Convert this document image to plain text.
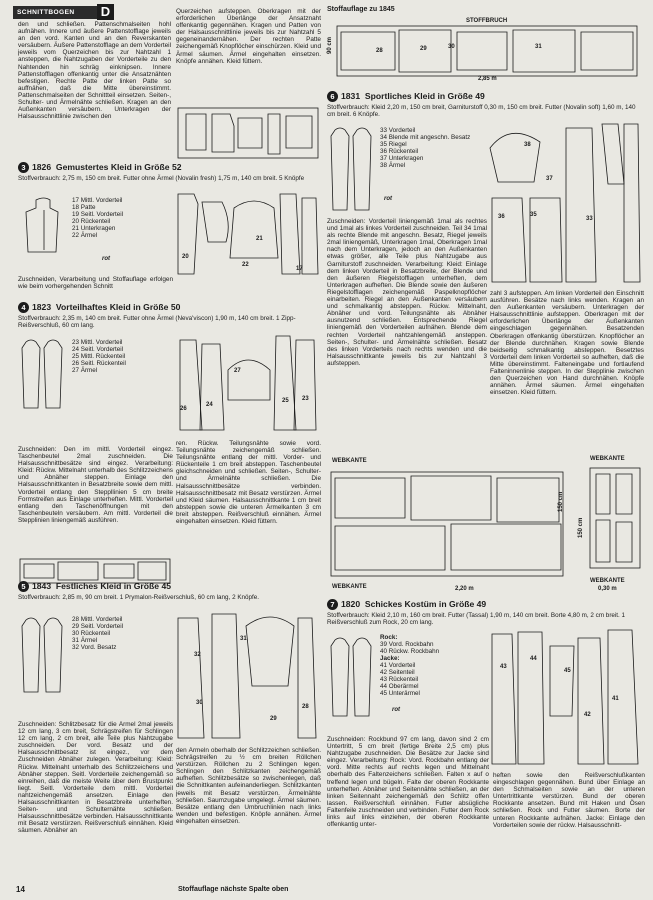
SCHNITTBOGEN	D	Stoffauflage zu 1845
den und schließen. Pattenschmalseiten hohl aufnähen. Innere und äußere Pattenstofflage jeweils an den vord. Kanten und an den Reverskanten versäubern. Äußere Pattenstofflage an dem Vorderteil jeweils vom Querzeichen bis zur Nahtzahl 1 ansteppen, die Nahtzugaben der Vorderteile zu den Nahtenden hin schräg einknipsen. Innere Pattenstofflagen offenkantig unter die Ansatznähten befestigen. Rechte Patte der linken Patte so auffnähen, daß die Mitte übereinstimmt. Pattenschmalseiten der Schnittteil einsetzen. Seiten-, Schulter- und Ärmelnähte schließen. Kragen an den Außenkanten versäubern. Unterkragen der Halsausschnittlinie zwischen den
Querzeichen aufsteppen. Oberkragen mit der erforderlichen Überlänge der Ansatznaht offenkantig gegennähen. Kragen und Patten von der Halsausschnittlinie jeweils bis zur Nahtzahl 5 gegeneinandernähen. Der rechten Patte zeichengemäß Knopflöcher einschürzen. Kleid und Ärmel säumen. Ärmel eingehalten einsetzen. Knöpfe annähen. Kleid füttern.
3 1826 Gemustertes Kleid in Größe 52
Stoffverbrauch: 2,75 m, 150 cm breit. Futter ohne Ärmel (Novalin fresh) 1,75 m, 140 cm breit. 5 Knöpfe
17 Mittl. Vorderteil
18 Patte
19 Seitl. Vorderteil
20 Rückenteil
21 Unterkragen
22 Ärmel
rot	20
21
22
17
Zuschneiden, Verarbeitung und Stoffauflage erfolgen wie beim vorhergehenden Schnitt
4 1823 Vorteilhaftes Kleid in Größe 50
Stoffverbrauch: 2,35 m, 140 cm breit. Futter ohne Ärmel (Neva'viscon) 1,90 m, 140 cm breit. 1 Zipp-Reißverschluß, 60 cm lang.
23 Mittl. Vorderteil
24 Seitl. Vorderteil
25 Mittl. Rückenteil
26 Seitl. Rückenteil
27 Ärmel	27
26
24
25 23
Zuschneiden: Den im mittl. Vorderteil eingez. Taschenbeutel 2mal zuschneiden. Die Halsausschnittbesätze sind eingez. Verarbeitung: Kleid: Rückw. Mittelnaht unterhalb des Schlitzzeichens und Abnäher steppen. Einlage den Halsausschnittkanten in Besatzbreite sowie dem mittl. Vorderteil entlang den Steppllinien 5 cm breite Formstreifen aus Einlage unterheften. Mittl. Vorderteil entlang den Taschenöffnungen mit den Taschenbeuteln versäubern. Am mittl. Vorderteil die Stepplinien liniengemäß ausführen.
ren. Rückw. Teilungsnähte sowie vord. Teilungsnähte zeichengemäß schließen. Teilungsnähte entlang der mittl. Vorder- und Rückenteile 1 cm breit absteppen. Taschenbeutel gleichschneiden und schließen. Seiten-, Schulter- und Ärmelnähte schließen. Die Halsausschnittbesätze verbinden. Halsausschnittbesatz mit Besatz verstürzen. Ärmel und Kleid säumen. Halsausschnittkante 1 cm breit absteppen sowie die unteren Ärmelkanten 3 cm breit absteppen. Reißverschluß einnähen. Ärmel eingehalten einsetzen. Kleid füttern.
5 1843 Festliches Kleid in Größe 45
Stoffverbrauch: 2,85 m, 90 cm breit. 1 Prymalon-Reißverschluß, 60 cm lang, 2 Knöpfe.
28 Mittl. Vorderteil
29 Seitl. Vorderteil
30 Rückenteil
31 Ärmel
32 Vord. Besatz
32
31
30
29
28
Zuschneiden: Schlitzbesatz für die Ärmel 2mal jeweils 12 cm lang, 3 cm breit, Schrägstreifen für Schlingen 12 cm lang, 2 cm breit, alle Teile plus Nahtzugabe zuschneiden. Der vord. Besatz und der Halsausschnittbesatz ist eingez., vor dem Zuschneiden Abnäher zulegen. Verarbeitung: Kleid: Rückw. Mittelnaht unterhalb des Schlitzzeichens und Abnäher steppen. Seitl. Vorderteile zeichengemäß so einreihen, daß die meiste Weite über dem Brustpunkt liegt. Seitl. Vorderteile dem mittl. Vorderteil nahtzeichengemäß ansetzen. Einlage den Halsausschnittkanten in Besatzbreite unterheften. Seiten- und Schulternähte schließen. Halsausschnittbesätze verbinden. Halsausschnittkante mit Besatz verstürzen. Reißverschluß einnähen. Kleid säumen. Abnäher an
den Ärmeln oberhalb der Schlitzzeichen schließen. Schrägstreifen zu ½ cm breiten Röllchen verstürzen. Röllchen zu 2 Schlingen legen. Schlingen den Schlitzkanten zeichengemäß aufheften. Schlitzbesätze so zwischenlegen, daß die Schnittkanten aufeinanderliegen. Schlitzkanten jeweils mit Besatz verstürzen. Ärmelnähte schließen. Saumzugabe umgelegt. Ärmel säumen. Besätze entlang den Umbruchlinien nach links wenden und befestigen. Knöpfe annähen. Ärmel eingehalten einsetzen.
STOFFBRUCH
90 cm
2,85 m
28	29	30	31
6 1831 Sportliches Kleid in Größe 49
Stoffverbrauch: Kleid 2,20 m, 150 cm breit, Garniturstoff 0,30 m, 150 cm breit. Futter (Novalin soft) 1,60 m, 140 cm breit. 6 Knöpfe.
33 Vorderteil
34 Blende mit angeschn. Besatz
35 Riegel
36 Rückenteil
37 Unterkragen
38 Ärmel
rot
38
37
36	35
33
Zuschneiden: Vorderteil liniengemäß 1mal als rechtes und 1mal als linkes Vorderteil zuschneiden. Teil 34 1mal als rechte Blende mit angeschn. Besatz, Riegel jeweils 2mal liniengemäß, Unterkragen 1mal, Oberkragen 1mal nach dem Unterkragen, jedoch an den Außenkanten etwas größer, alle Teile plus Nahtzugabe aus Garniturstoff zuschneiden. Verarbeitung: Kleid: Einlage dem linken Vorderteil in Besatzbreite, der Blende und den äußeren Riegelstofflagen unterheften, dem Unterkragen aufheften. Die Blende sowie den äußeren Riegelstofflagen zeichengemäß Paspelknopflöcher einarbeiten. Riegel an den Außenkanten versäubern und schmalkantig absteppen. Rückw. Mittelnaht, Abnäher und vord. Teilungsnähte als Abnäher ausnutzend schließen. Entsprechende Riegel liniengemäß den Vorderteilen aufnähen. Blende dem rechten Vorderteil nahtzahlengemäß ansteppen. Seiten-, Schulter- und Ärmelnähte schließen. Besatz des linken Vorderteils nach rechts wenden und die Halsausschnittkante jeweils bis zur Nahtzahl 3 aufsteppen.
zahl 3 aufsteppen. Am linken Vorderteil den Einschnitt ausführen. Besätze nach links wenden. Kragen an den Außenkanten versäubern. Unterkragen der Halsausschnittlinie aufsteppen. Oberkragen mit der erforderlichen Überlänge der Außenkanten eingeschlagen gegennähen. Besatzenden Oberkragen offenkantig überstürzen. Knopflöcher an der Blende durchnähen. Kragen sowie Blende beidseitig schmalkantig absteppen. Besetztes Vorderteil dem linken Vorderteil so aufheften, daß die Mitte übereinstimmt. Falteneingabe und fortlaufend Falteninnenlinie steppen. In der Stepplinie zwischen den Querzeichen von Hand durchnähen. Knöpfe annähen. Ärmel säumen. Ärmel eingehalten einsetzen. Kleid füttern.
WEBKANTE
WEBKANTE	2,20 m
150 cm
WEBKANTE
WEBKANTE
0,30 m
150 cm
7 1820 Schickes Kostüm in Größe 49
Stoffverbrauch: Kleid 2,10 m, 160 cm breit. Futter (Tassal) 1,90 m, 140 cm breit. Borte 4,80 m, 2 cm breit. 1 Reißverschluß zum Rock, 20 cm lang.
Rock:
39 Vord. Rockbahn
40 Rückw. Rockbahn
Jacke:
41 Vorderteil
42 Seitenteil
43 Rückenteil
44 Oberärmel
45 Unterärmel
rot
43
44
45
42
41
Zuschneiden: Rockbund 97 cm lang, davon sind 2 cm Untertritt, 5 cm breit (fertige Breite 2,5 cm) plus Nahtzugabe zuschneiden. Die Besätze zur Jacke sind eingez. Verarbeitung: Rock: Vord. Rockbahn entlang der vord. Mitte rechts auf rechts legen und Mittelnaht oberhalb des Faltenzeichens schließen. Falten x auf o treffend legen und bügeln. Falte der oberen Rockkante unterheften. Abnäher und Seitennähte schließen, an der linken Seitennaht zeichengemäß den Schlitz offen lassen. Reißverschluß einnähen. Futter absügliche Faltenfeile zuschneiden und verbinden. Futter dem Rock links auf links einziehen, der oberen Rockkante offenkantig unter-
heften sowie den Reißverschlußkanten eingeschlagen gegennähen. Bund über Einlage an den Schmalseiten sowie an der unteren Untertrittkante verstürzen. Bund der oberen Rockkante ansetzen. Bund mit Haken und Ösen schließen. Rock und Futter säumen. Borte der unteren Rockkante aufnähen. Jacke: Einlage den Vorderteilen sowie der rückw. Halsausschnitt-
14	Stoffauflage nächste Spalte oben
